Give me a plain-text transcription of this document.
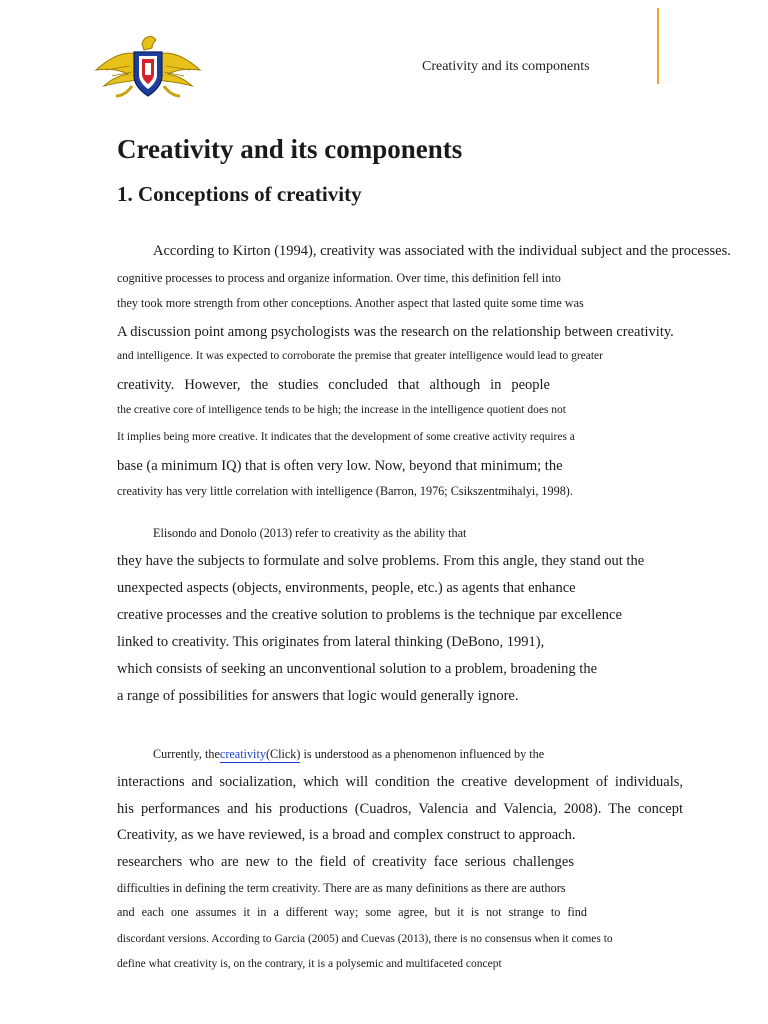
Creativity and its components
Creativity and its components
1. Conceptions of creativity

According to Kirton (1994), creativity was associated with the individual subject and the processes.

cognitive processes to process and organize information. Over time, this definition fell into

they took more strength from other conceptions. Another aspect that lasted quite some time was

A discussion point among psychologists was the research on the relationship between creativity.

and intelligence. It was expected to corroborate the premise that greater intelligence would lead to greater

creativity. However, the studies concluded that although in people

the creative core of intelligence tends to be high; the increase in the intelligence quotient does not

It implies being more creative. It indicates that the development of some creative activity requires a

base (a minimum IQ) that is often very low. Now, beyond that minimum; the

creativity has very little correlation with intelligence (Barron, 1976; Csikszentmihalyi, 1998).

Elisondo and Donolo (2013) refer to creativity as the ability that

they have the subjects to formulate and solve problems. From this angle, they stand out the

unexpected aspects (objects, environments, people, etc.) as agents that enhance

creative processes and the creative solution to problems is the technique par excellence

linked to creativity. This originates from lateral thinking (DeBono, 1991),

which consists of seeking an unconventional solution to a problem, broadening the

a range of possibilities for answers that logic would generally ignore.

Currently, thecreativity(Click) is understood as a phenomenon influenced by the

interactions and socialization, which will condition the creative development of individuals,

his performances and his productions (Cuadros, Valencia and Valencia, 2008). The concept

Creativity, as we have reviewed, is a broad and complex construct to approach.

researchers who are new to the field of creativity face serious challenges

difficulties in defining the term creativity. There are as many definitions as there are authors

and each one assumes it in a different way; some agree, but it is not strange to find

discordant versions. According to Garcia (2005) and Cuevas (2013), there is no consensus when it comes to

define what creativity is, on the contrary, it is a polysemic and multifaceted concept
